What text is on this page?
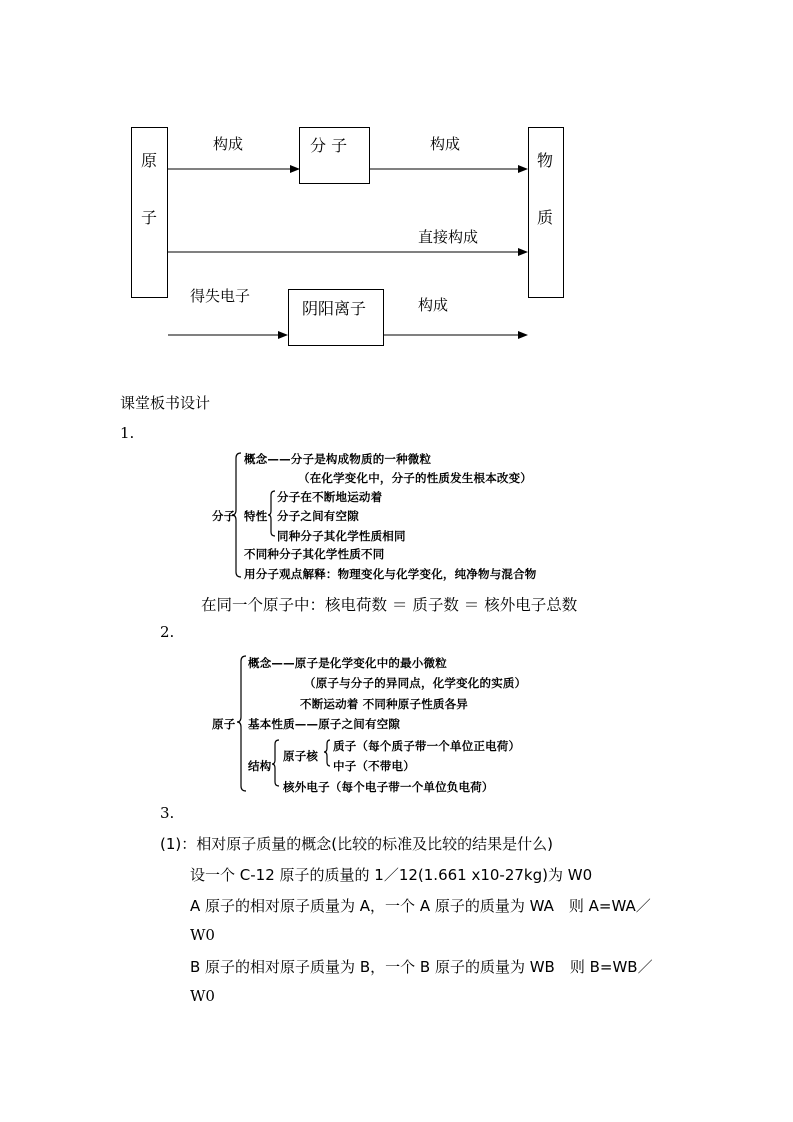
原
子
分 子
物
质
阴阳离子
构成	构成
直接构成
得失电子	构成
课堂板书设计
1.
分子
概念——分子是构成物质的一种微粒
（在化学变化中，分子的性质发生根本改变）
特性
分子在不断地运动着
分子之间有空隙
同种分子其化学性质相同
不同种分子其化学性质不同
用分子观点解释：物理变化与化学变化，纯净物与混合物
在同一个原子中：核电荷数 ＝ 质子数 ＝ 核外电子总数
2.
原子
概念——原子是化学变化中的最小微粒
（原子与分子的异同点，化学变化的实质）
不断运动着 不同种原子性质各异
基本性质——原子之间有空隙
结构
原子核
质子（每个质子带一个单位正电荷）
中子（不带电）
核外电子（每个电子带一个单位负电荷）
3.
(1)：相对原子质量的概念(比较的标准及比较的结果是什么)
设一个 C-12 原子的质量的 1／12(1.661 x10-27kg)为 W0
A 原子的相对原子质量为 A，一个 A 原子的质量为 WA　则 A=WA／
W0
B 原子的相对原子质量为 B，一个 B 原子的质量为 WB　则 B=WB／
W0
